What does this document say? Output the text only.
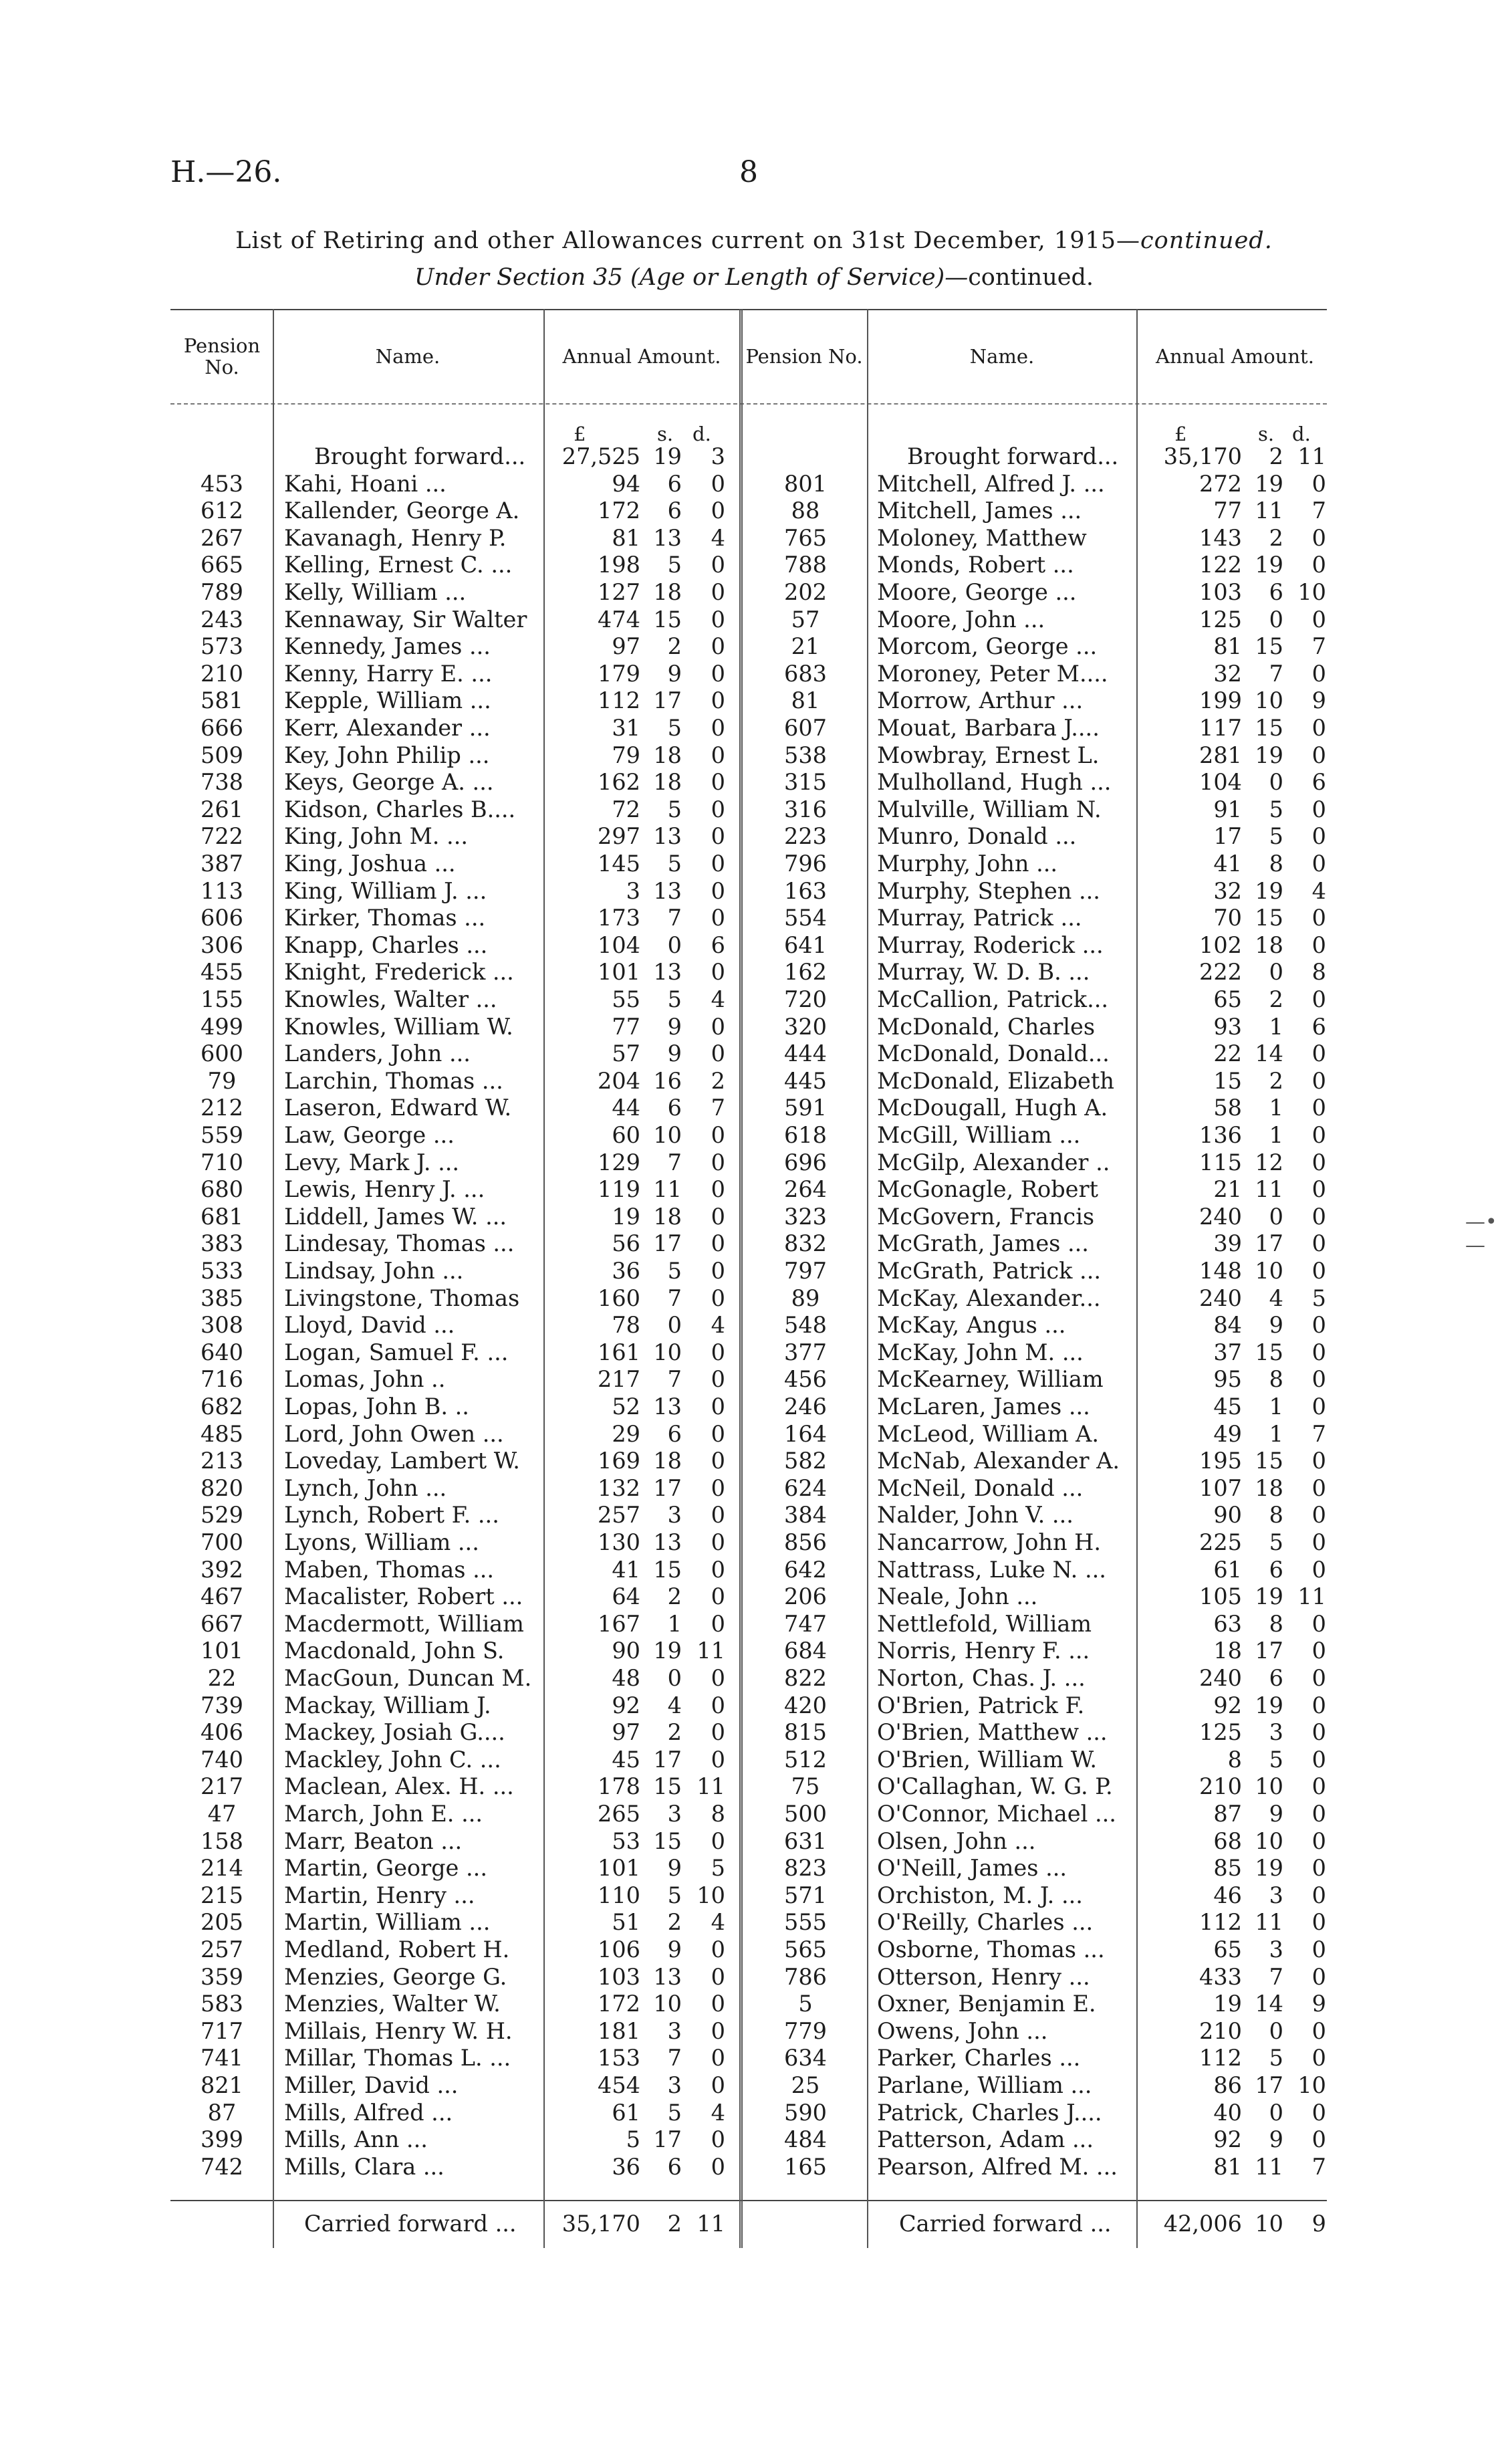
H.—26.	8
List of Retiring and other Allowances current on 31st December, 1915—continued.
Under Section 35 (Age or Length of Service)—continued.
Pension No.	Name.	Annual Amount.	Pension No.	Name.	Annual Amount.
£	s. d.	£	s. d.
Brought forward...	27,525 19	3
453	Kahi, Hoani ...	94	6	0
612	Kallender, George A.	172	6	0
267	Kavanagh, Henry P.	81 13	4
665	Kelling, Ernest C. ...	198	5	0
789	Kelly, William ...	127 18	0
243	Kennaway, Sir Walter	474 15	0
573	Kennedy, James ...	97	2	0
210	Kenny, Harry E. ...	179	9	0
581	Kepple, William ...	112 17	0
666	Kerr, Alexander ...	31	5	0
509	Key, John Philip ...	79 18	0
738	Keys, George A. ...	162 18	0
261	Kidson, Charles B....	72	5	0
722	King, John M. ...	297 13	0
387	King, Joshua ...	145	5	0
113	King, William J. ...	3 13	0
606	Kirker, Thomas ...	173	7	0
306	Knapp, Charles ...	104	0	6
455	Knight, Frederick ...	101 13	0
155	Knowles, Walter ...	55	5	4
499	Knowles, William W.	77	9	0
600	Landers, John ...	57	9	0
79	Larchin, Thomas ...	204 16	2
212	Laseron, Edward W.	44	6	7
559	Law, George ...	60 10	0
710	Levy, Mark J. ...	129	7	0
680	Lewis, Henry J. ...	119 11	0
681	Liddell, James W. ...	19 18	0
383	Lindesay, Thomas ...	56 17	0
533	Lindsay, John ...	36	5	0
385	Livingstone, Thomas	160	7	0
308	Lloyd, David ...	78	0	4
640	Logan, Samuel F. ...	161 10	0
716	Lomas, John ..	217	7	0
682	Lopas, John B. ..	52 13	0
485	Lord, John Owen ...	29	6	0
213	Loveday, Lambert W.	169 18	0
820	Lynch, John ...	132 17	0
529	Lynch, Robert F. ...	257	3	0
700	Lyons, William ...	130 13	0
392	Maben, Thomas ...	41 15	0
467	Macalister, Robert ...	64	2	0
667	Macdermott, William	167	1	0
101	Macdonald, John S.	90 19 11
22	MacGoun, Duncan M.	48	0	0
739	Mackay, William J.	92	4	0
406	Mackey, Josiah G....	97	2	0
740	Mackley, John C. ...	45 17	0
217	Maclean, Alex. H. ...	178 15 11
47	March, John E. ...	265	3	8
158	Marr, Beaton ...	53 15	0
214	Martin, George ...	101	9	5
215	Martin, Henry ...	110	5 10
205	Martin, William ...	51	2	4
257	Medland, Robert H.	106	9	0
359	Menzies, George G.	103 13	0
583	Menzies, Walter W.	172 10	0
717	Millais, Henry W. H.	181	3	0
741	Millar, Thomas L. ...	153	7	0
821	Miller, David ...	454	3	0
87	Mills, Alfred ...	61	5	4
399	Mills, Ann ...	5 17	0
742	Mills, Clara ...	36	6	0
Brought forward...	35,170	2 11
801	Mitchell, Alfred J. ...	272 19	0
88	Mitchell, James ...	77 11	7
765	Moloney, Matthew	143	2	0
788	Monds, Robert ...	122 19	0
202	Moore, George ...	103	6 10
57	Moore, John ...	125	0	0
21	Morcom, George ...	81 15	7
683	Moroney, Peter M....	32	7	0
81	Morrow, Arthur ...	199 10	9
607	Mouat, Barbara J....	117 15	0
538	Mowbray, Ernest L.	281 19	0
315	Mulholland, Hugh ...	104	0	6
316	Mulville, William N.	91	5	0
223	Munro, Donald ...	17	5	0
796	Murphy, John ...	41	8	0
163	Murphy, Stephen ...	32 19	4
554	Murray, Patrick ...	70 15	0
641	Murray, Roderick ...	102 18	0
162	Murray, W. D. B. ...	222	0	8
720	McCallion, Patrick...	65	2	0
320	McDonald, Charles	93	1	6
444	McDonald, Donald...	22 14	0
445	McDonald, Elizabeth	15	2	0
591	McDougall, Hugh A.	58	1	0
618	McGill, William ...	136	1	0
696	McGilp, Alexander ..	115 12	0
264	McGonagle, Robert	21 11	0
323	McGovern, Francis	240	0	0
832	McGrath, James ...	39 17	0
797	McGrath, Patrick ...	148 10	0
89	McKay, Alexander...	240	4	5
548	McKay, Angus ...	84	9	0
377	McKay, John M. ...	37 15	0
456	McKearney, William	95	8	0
246	McLaren, James ...	45	1	0
164	McLeod, William A.	49	1	7
582	McNab, Alexander A.	195 15	0
624	McNeil, Donald ...	107 18	0
384	Nalder, John V. ...	90	8	0
856	Nancarrow, John H.	225	5	0
642	Nattrass, Luke N. ...	61	6	0
206	Neale, John ...	105 19 11
747	Nettlefold, William	63	8	0
684	Norris, Henry F. ...	18 17	0
822	Norton, Chas. J. ...	240	6	0
420	O'Brien, Patrick F.	92 19	0
815	O'Brien, Matthew ...	125	3	0
512	O'Brien, William W.	8	5	0
75	O'Callaghan, W. G. P.	210 10	0
500	O'Connor, Michael ...	87	9	0
631	Olsen, John ...	68 10	0
823	O'Neill, James ...	85 19	0
571	Orchiston, M. J. ...	46	3	0
555	O'Reilly, Charles ...	112 11	0
565	Osborne, Thomas ...	65	3	0
786	Otterson, Henry ...	433	7	0
5	Oxner, Benjamin E.	19 14	9
779	Owens, John ...	210	0	0
634	Parker, Charles ...	112	5	0
25	Parlane, William ...	86 17 10
590	Patrick, Charles J....	40	0	0
484	Patterson, Adam ...	92	9	0
165	Pearson, Alfred M. ...	81 11	7
Carried forward ...	35,170	2 11	Carried forward ...	42,006 10	9
—•—
